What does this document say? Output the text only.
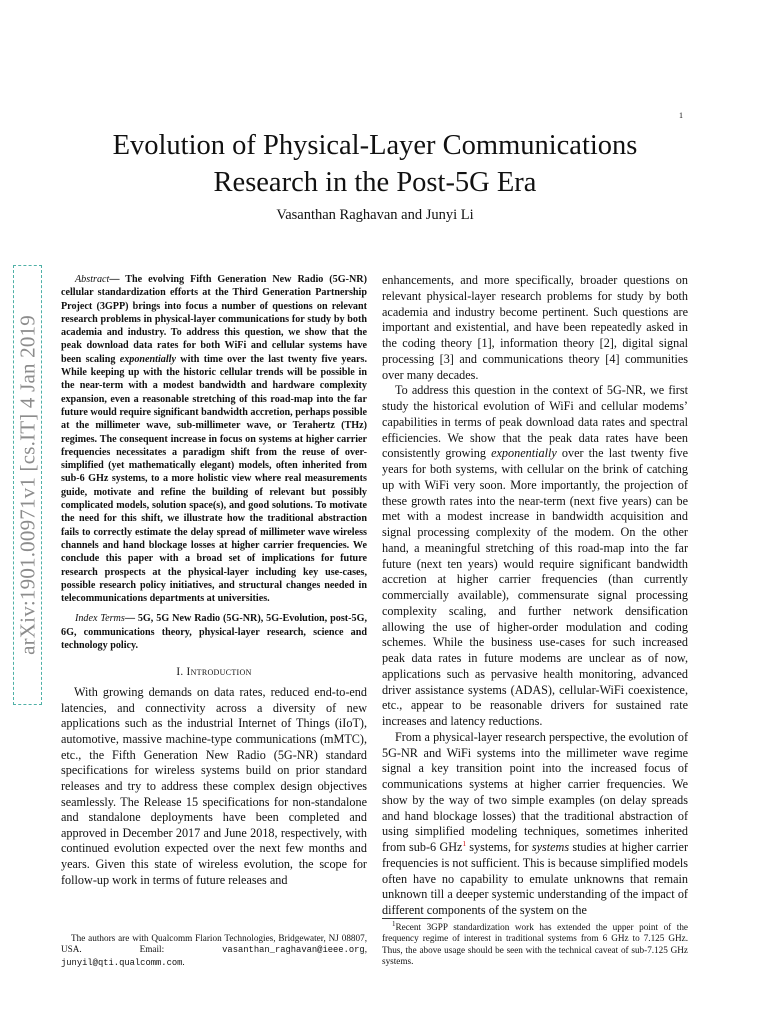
1
Evolution of Physical-Layer Communications Research in the Post-5G Era
Vasanthan Raghavan and Junyi Li
arXiv:1901.00971v1 [cs.IT] 4 Jan 2019

Abstract— The evolving Fifth Generation New Radio (5G-NR) cellular standardization efforts at the Third Generation Partnership Project (3GPP) brings into focus a number of questions on relevant research problems in physical-layer communications for study by both academia and industry. To address this question, we show that the peak download data rates for both WiFi and cellular systems have been scaling exponentially with time over the last twenty five years. While keeping up with the historic cellular trends will be possible in the near-term with a modest bandwidth and hardware complexity expansion, even a reasonable stretching of this road-map into the far future would require significant bandwidth accretion, perhaps possible at the millimeter wave, sub-millimeter wave, or Terahertz (THz) regimes. The consequent increase in focus on systems at higher carrier frequencies necessitates a paradigm shift from the reuse of over-simplified (yet mathematically elegant) models, often inherited from sub-6 GHz systems, to a more holistic view where real measurements guide, motivate and refine the building of relevant but possibly complicated models, solution space(s), and good solutions. To motivate the need for this shift, we illustrate how the traditional abstraction fails to correctly estimate the delay spread of millimeter wave wireless channels and hand blockage losses at higher carrier frequencies. We conclude this paper with a broad set of implications for future research prospects at the physical-layer including key use-cases, possible research policy initiatives, and structural changes needed in telecommunications departments at universities.

Index Terms— 5G, 5G New Radio (5G-NR), 5G-Evolution, post-5G, 6G, communications theory, physical-layer research, science and technology policy.

I. Introduction

With growing demands on data rates, reduced end-to-end latencies, and connectivity across a diversity of new applications such as the industrial Internet of Things (iIoT), automotive, massive machine-type communications (mMTC), etc., the Fifth Generation New Radio (5G-NR) standard specifications for wireless systems build on prior standard releases and try to address these complex design objectives seamlessly. The Release 15 specifications for non-standalone and standalone deployments have been completed and approved in December 2017 and June 2018, respectively, with continued evolution expected over the next few months and years. Given this state of wireless evolution, the scope for follow-up work in terms of future releases and

The authors are with Qualcomm Flarion Technologies, Bridgewater, NJ 08807, USA. Email: vasanthan_raghavan@ieee.org, junyil@qti.qualcomm.com.

enhancements, and more specifically, broader questions on relevant physical-layer research problems for study by both academia and industry become pertinent. Such questions are important and existential, and have been repeatedly asked in the coding theory [1], information theory [2], digital signal processing [3] and communications theory [4] communities over many decades.

To address this question in the context of 5G-NR, we first study the historical evolution of WiFi and cellular modems’ capabilities in terms of peak download data rates and spectral efficiencies. We show that the peak data rates have been consistently growing exponentially over the last twenty five years for both systems, with cellular on the brink of catching up with WiFi very soon. More importantly, the projection of these growth rates into the near-term (next five years) can be met with a modest increase in bandwidth acquisition and signal processing complexity of the modem. On the other hand, a meaningful stretching of this road-map into the far future (next ten years) would require significant bandwidth accretion at higher carrier frequencies (than currently commercially available), commensurate signal processing complexity scaling, and further network densification allowing the use of higher-order modulation and coding schemes. While the business use-cases for such increased peak data rates in future modems are unclear as of now, applications such as pervasive health monitoring, advanced driver assistance systems (ADAS), cellular-WiFi coexistence, etc., appear to be reasonable drivers for sustained rate increases and latency reductions.

From a physical-layer research perspective, the evolution of 5G-NR and WiFi systems into the millimeter wave regime signal a key transition point into the increased focus of communications systems at higher carrier frequencies. We show by the way of two simple examples (on delay spreads and hand blockage losses) that the traditional abstraction of using simplified modeling techniques, sometimes inherited from sub-6 GHz$^1$ systems, for systems studies at higher carrier frequencies is not sufficient. This is because simplified models often have no capability to emulate unknowns that remain unknown till a deeper systemic understanding of the impact of different components of the system on the

$^1$Recent 3GPP standardization work has extended the upper point of the frequency regime of interest in traditional systems from 6 GHz to 7.125 GHz. Thus, the above usage should be seen with the technical caveat of sub-7.125 GHz systems.
